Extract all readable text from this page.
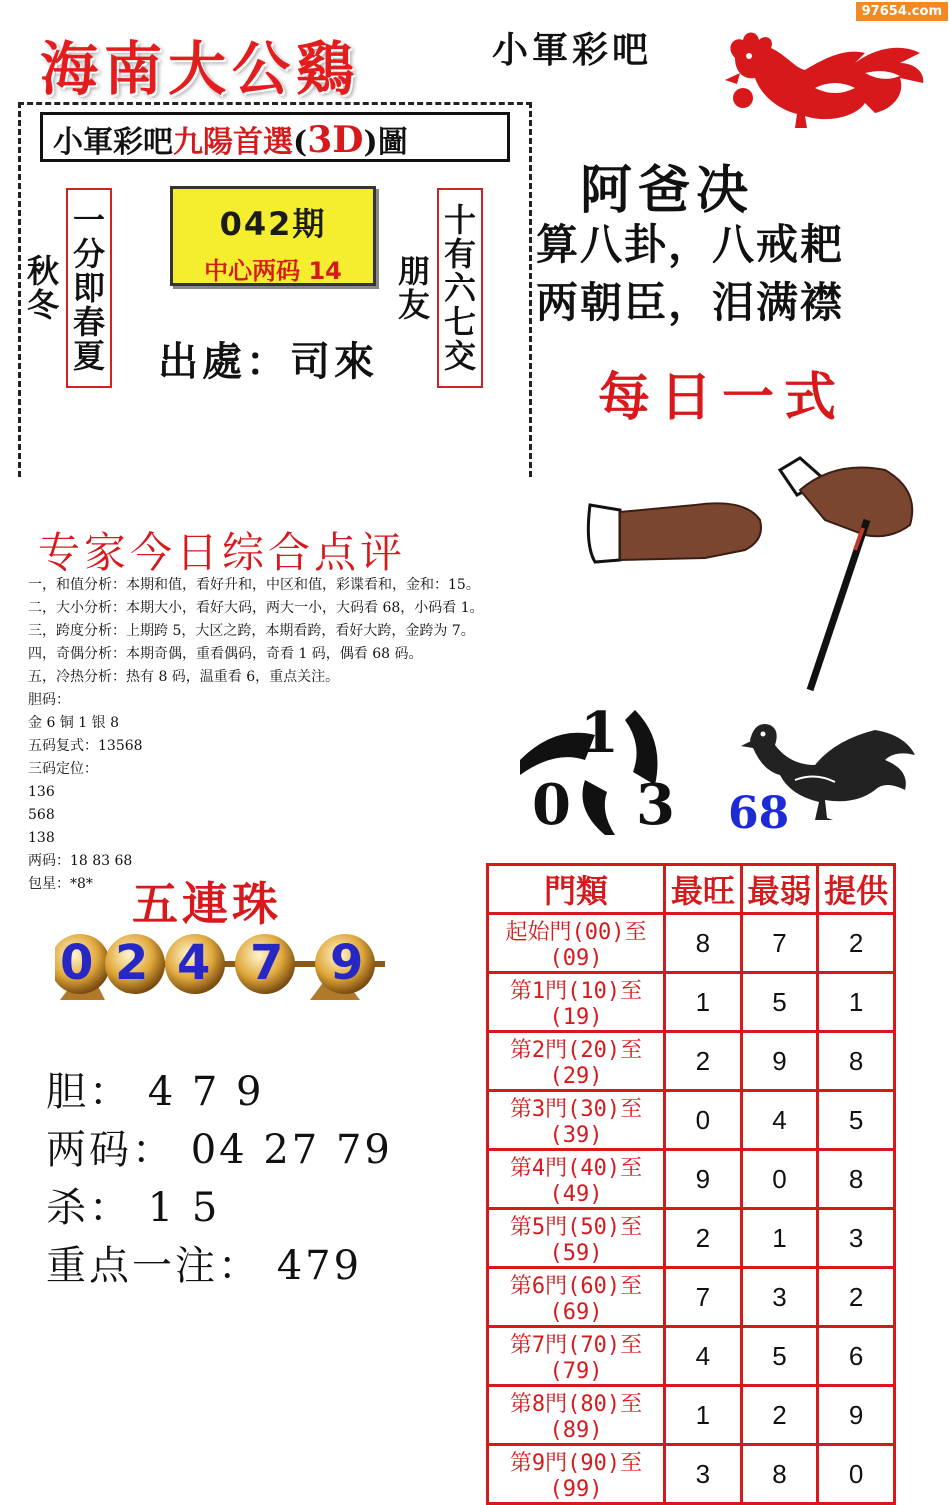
97654.com
海南大公鷄	小軍彩吧
小軍彩吧九陽首選(3D)圖
一分即春夏秋冬	十有六七交朋友
042期
中心两码 14
出處：司來
阿爸决
算八卦，八戒耙
两朝臣，泪满襟
每日一式
专家今日综合点评
一，和值分析：本期和值，看好升和，中区和值，彩谍看和，金和：15。
二，大小分析：本期大小，看好大码，两大一小，大码看 68，小码看 1。
三，跨度分析：上期跨 5，大区之跨，本期看跨，看好大跨，金跨为 7。
四，奇偶分析：本期奇偶，重看偶码，奇看 1 码，偶看 68 码。
五，冷热分析：热有 8 码，温重看 6，重点关注。
胆码：
金 6 铜 1 银 8
五码复式：13568
三码定位：
136
568
138
两码：18 83 68
包星：*8*
1
0 3 68
五連珠
0 2 4 7 9
胆： 4 7 9
两码： 04 27 79
杀： 1 5
重点一注： 479
門類	最旺	最弱	提供
起始門(00)至(09)	8	7	2
第1門(10)至(19)	1	5	1
第2門(20)至(29)	2	9	8
第3門(30)至(39)	0	4	5
第4門(40)至(49)	9	0	8
第5門(50)至(59)	2	1	3
第6門(60)至(69)	7	3	2
第7門(70)至(79)	4	5	6
第8門(80)至(89)	1	2	9
第9門(90)至(99)	3	8	0
